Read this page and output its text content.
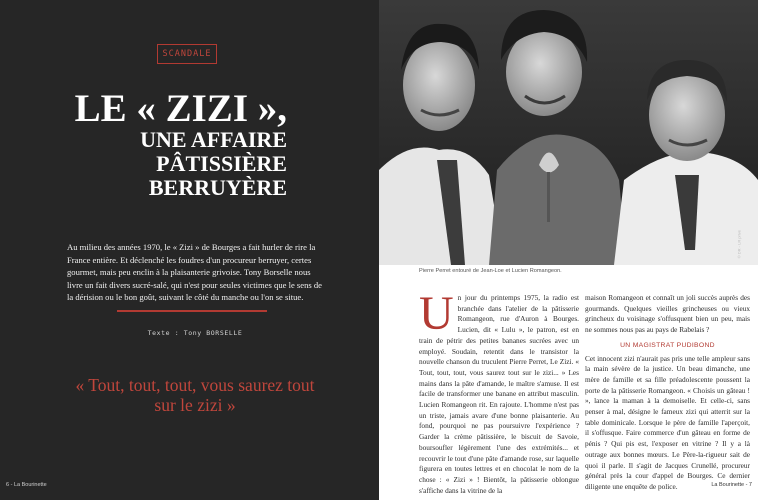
SCANDALE
LE « ZIZI »,
UNE AFFAIRE
PÂTISSIÈRE
BERRUYÈRE

Au milieu des années 1970, le « Zizi » de Bourges a fait hurler de rire la France entière. Et déclenché les foudres d'un procureur berruyer, certes gourmet, mais peu enclin à la plaisanterie grivoise. Tony Borselle nous livre un fait divers sucré-salé, qui n'est pour seules victimes que le sens de la dérision ou le bon goût, suivant le côté du manche ou l'on se situe.

Texte : Tony BORSELLE
« Tout, tout, tout, vous saurez tout sur le zizi »
6 - La Bourinette
© DR - LR privé
Pierre Perret entouré de Jean-Loe et Lucien Romangeon.
U n jour du printemps 1975, la radio est branchée dans l'atelier de la pâtisserie Romangeon, rue d'Auron à Bourges. Lucien, dit « Lulu », le patron, est en train de pétrir des petites bananes sucrées avec un employé. Soudain, retentit dans le transistor la nouvelle chanson du truculent Pierre Perret, Le Zizi. « Tout, tout, tout, vous saurez tout sur le zizi... » Les mains dans la pâte d'amande, le maître s'amuse. Il est facile de transformer une banane en attribut masculin. Lucien Romangeon rit. En rajoute. L'homme n'est pas un triste, jamais avare d'une bonne plaisanterie. Au fond, pourquoi ne pas poursuivre l'expérience ? Garder la crème pâtissière, le biscuit de Savoie, boursoufler légèrement l'une des extrémités... et recouvrir le tout d'une pâte d'amande rose, sur laquelle figurera en toutes lettres et en chocolat le nom de la chose : « Zizi » ! Bientôt, la pâtisserie oblongue s'affiche dans la vitrine de la

maison Romangeon et connaît un joli succès auprès des gourmands. Quelques vieilles grincheuses ou vieux grincheux du voisinage s'offusquent bien un peu, mais ne sommes nous pas au pays de Rabelais ?

UN MAGISTRAT PUDIBOND

Cet innocent zizi n'aurait pas pris une telle ampleur sans la main sévère de la justice. Un beau dimanche, une mère de famille et sa fille préadolescente poussent la porte de la pâtisserie Romangeon. « Choisis un gâteau ! », lance la maman à la demoiselle. Et celle-ci, sans penser à mal, désigne le fameux zizi qui atterrit sur la table dominicale. Lorsque le père de famille l'aperçoit, il s'offusque. Faire commerce d'un gâteau en forme de pénis ? Qui pis est, l'exposer en vitrine ? Il y a là outrage aux bonnes mœurs. Le Père-la-rigueur sait de quoi il parle. Il s'agit de Jacques Crunellé, procureur général près la cour d'appel de Bourges. Ce dernier diligente une enquête de police.	La Bourinette - 7
